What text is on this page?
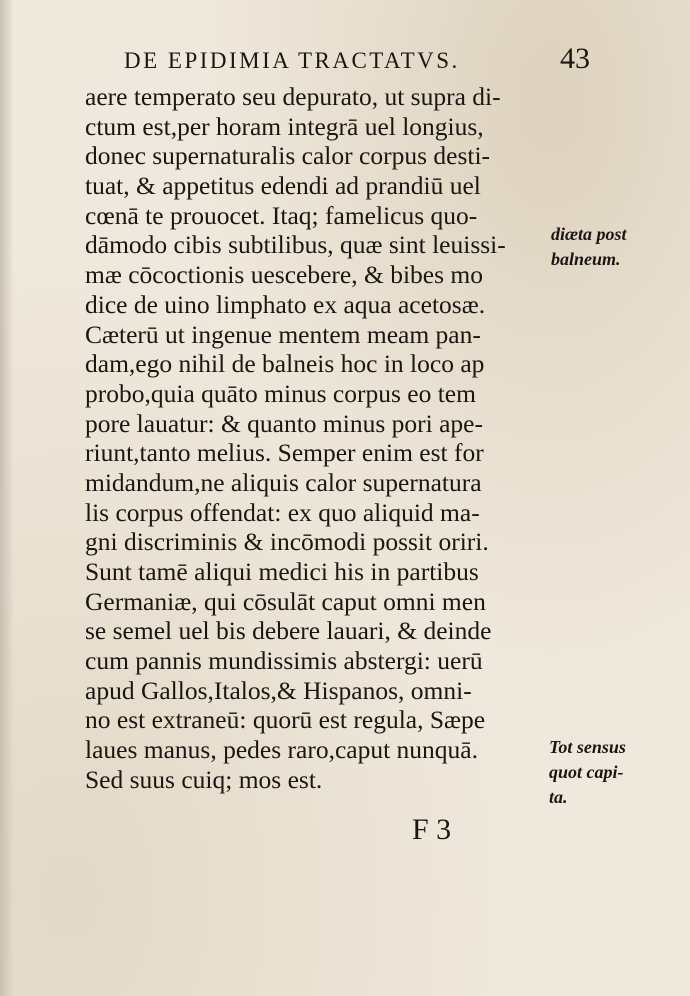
DE EPIDIMIA TRACTATVS.	43
aere temperato seu depurato, ut supra di-
ctum est,per horam integrā uel longius,
donec supernaturalis calor corpus desti-
tuat, & appetitus edendi ad prandiū uel
cœnā te prouocet. Itaq; famelicus quo-
dāmodo cibis subtilibus, quæ sint leuissi-
mæ cōcoctionis uescebere, & bibes mo
dice de uino limphato ex aqua acetosæ.
Cæterū ut ingenue mentem meam pan-
dam,ego nihil de balneis hoc in loco ap
probo,quia quāto minus corpus eo tem
pore lauatur: & quanto minus pori ape-
riunt,tanto melius. Semper enim est for
midandum,ne aliquis calor supernatura
lis corpus offendat: ex quo aliquid ma-
gni discriminis & incōmodi possit oriri.
Sunt tamē aliqui medici his in partibus
Germaniæ, qui cōsulāt caput omni men
se semel uel bis debere lauari, & deinde
cum pannis mundissimis abstergi: uerū
apud Gallos,Italos,& Hispanos, omni-
no est extraneū: quorū est regula, Sæpe
laues manus, pedes raro,caput nunquā.
Sed suus cuiq; mos est.
diæta post
balneum.
Tot sensus
quot capi-
ta.
F 3
